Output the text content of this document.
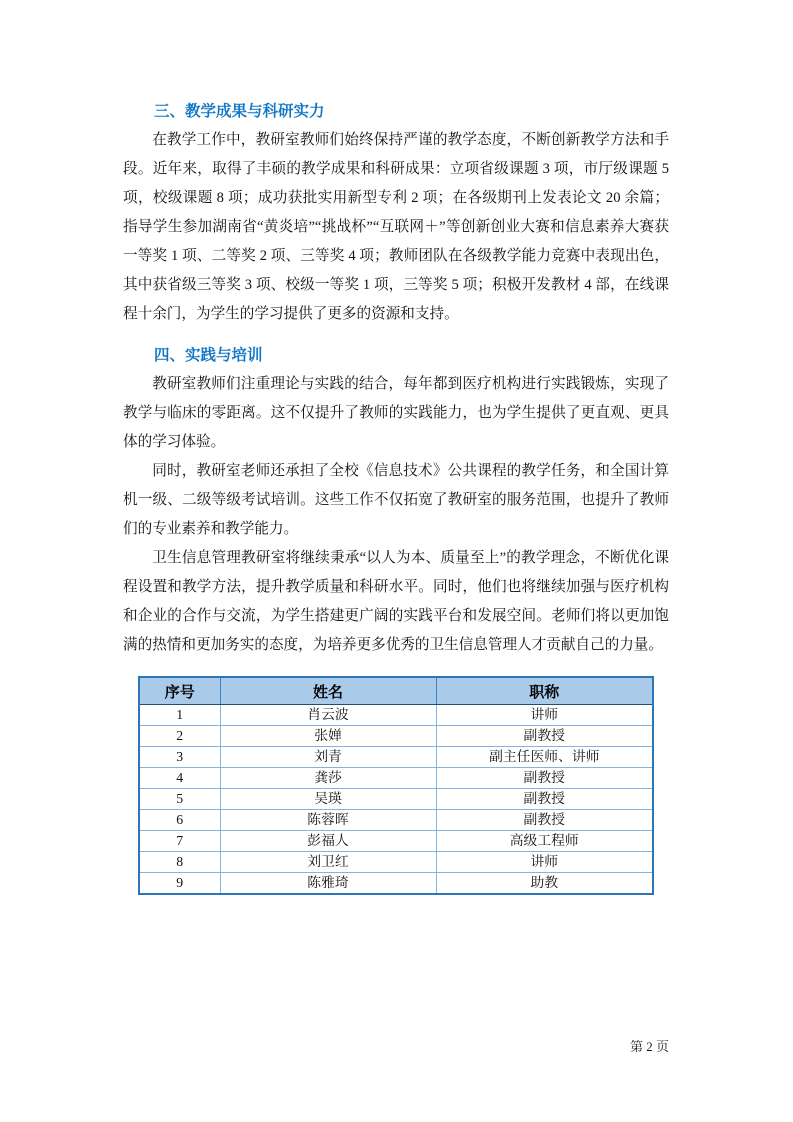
三、教学成果与科研实力

在教学工作中，教研室教师们始终保持严谨的教学态度，不断创新教学方法和手段。近年来，取得了丰硕的教学成果和科研成果：立项省级课题 3 项，市厅级课题 5 项，校级课题 8 项；成功获批实用新型专利 2 项；在各级期刊上发表论文 20 余篇；指导学生参加湖南省“黄炎培”“挑战杯”“互联网＋”等创新创业大赛和信息素养大赛获一等奖 1 项、二等奖 2 项、三等奖 4 项；教师团队在各级教学能力竞赛中表现出色，其中获省级三等奖 3 项、校级一等奖 1 项，三等奖 5 项；积极开发教材 4 部，在线课程十余门，为学生的学习提供了更多的资源和支持。

四、实践与培训

教研室教师们注重理论与实践的结合，每年都到医疗机构进行实践锻炼，实现了教学与临床的零距离。这不仅提升了教师的实践能力，也为学生提供了更直观、更具体的学习体验。

同时，教研室老师还承担了全校《信息技术》公共课程的教学任务，和全国计算机一级、二级等级考试培训。这些工作不仅拓宽了教研室的服务范围，也提升了教师们的专业素养和教学能力。

卫生信息管理教研室将继续秉承“以人为本、质量至上”的教学理念，不断优化课程设置和教学方法，提升教学质量和科研水平。同时，他们也将继续加强与医疗机构和企业的合作与交流，为学生搭建更广阔的实践平台和发展空间。老师们将以更加饱满的热情和更加务实的态度，为培养更多优秀的卫生信息管理人才贡献自己的力量。

序号	姓名	职称
1	肖云波	讲师
2	张婵	副教授
3	刘青	副主任医师、讲师
4	龚莎	副教授
5	吴瑛	副教授
6	陈蓉晖	副教授
7	彭福人	高级工程师
8	刘卫红	讲师
9	陈雅琦	助教
第 2 页
